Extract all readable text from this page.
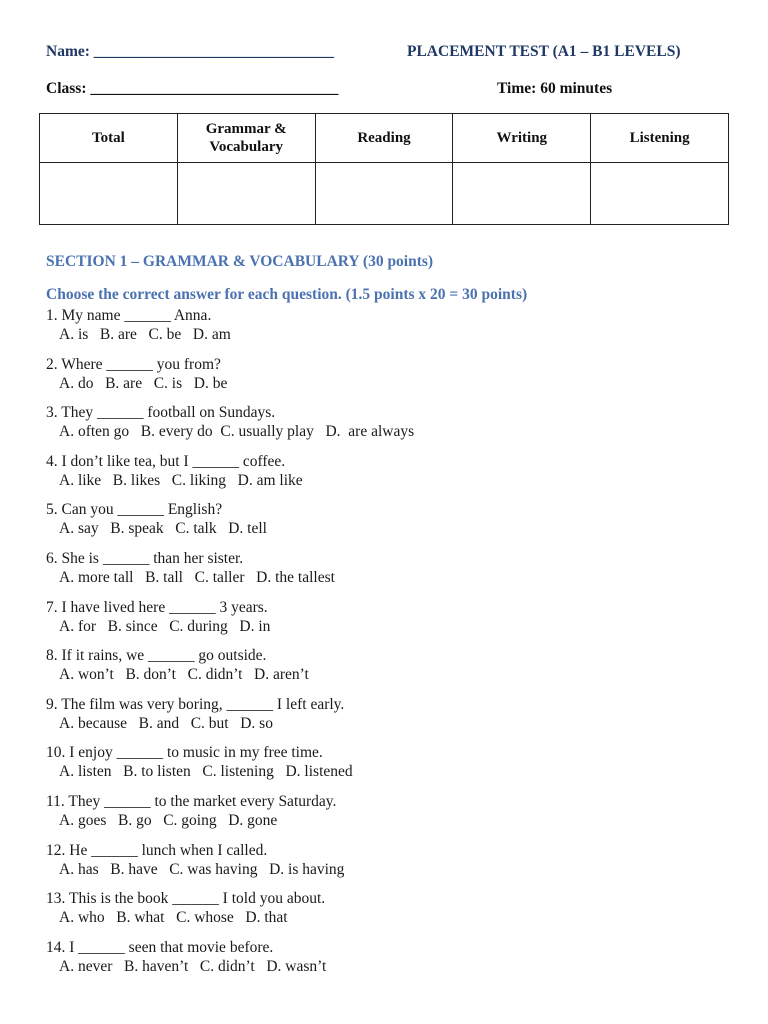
Name: _______________________________	PLACEMENT TEST (A1 – B1 LEVELS)
Class: ________________________________	Time: 60 minutes
Total	Grammar & Vocabulary	Reading	Writing	Listening

SECTION 1 – GRAMMAR & VOCABULARY (30 points)
Choose the correct answer for each question. (1.5 points x 20 = 30 points)
1. My name ______ Anna.
A. is   B. are   C. be   D. am
2. Where ______ you from?
A. do   B. are   C. is   D. be
3. They ______ football on Sundays.
A. often go   B. every do  C. usually play   D.  are always
4. I don’t like tea, but I ______ coffee.
A. like   B. likes   C. liking   D. am like
5. Can you ______ English?
A. say   B. speak   C. talk   D. tell
6. She is ______ than her sister.
A. more tall   B. tall   C. taller   D. the tallest
7. I have lived here ______ 3 years.
A. for   B. since   C. during   D. in
8. If it rains, we ______ go outside.
A. won’t   B. don’t   C. didn’t   D. aren’t
9. The film was very boring, ______ I left early.
A. because   B. and   C. but   D. so
10. I enjoy ______ to music in my free time.
A. listen   B. to listen   C. listening   D. listened
11. They ______ to the market every Saturday.
A. goes   B. go   C. going   D. gone
12. He ______ lunch when I called.
A. has   B. have   C. was having   D. is having
13. This is the book ______ I told you about.
A. who   B. what   C. whose   D. that
14. I ______ seen that movie before.
A. never   B. haven’t   C. didn’t   D. wasn’t
